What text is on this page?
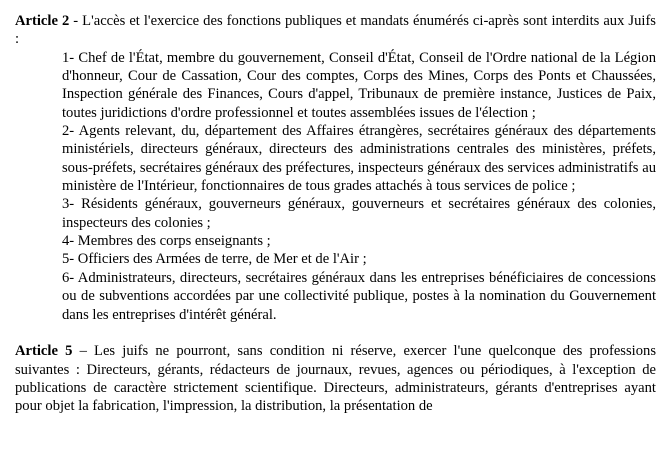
Article 2 - L'accès et l'exercice des fonctions publiques et mandats énumérés ci-après sont interdits aux Juifs :

1- Chef de l'État, membre du gouvernement, Conseil d'État, Conseil de l'Ordre national de la Légion d'honneur, Cour de Cassation, Cour des comptes, Corps des Mines, Corps des Ponts et Chaussées, Inspection générale des Finances, Cours d'appel, Tribunaux de première instance, Justices de Paix, toutes juridictions d'ordre professionnel et toutes assemblées issues de l'élection ;
2- Agents relevant, du, département des Affaires étrangères, secrétaires généraux des départements ministériels, directeurs généraux, directeurs des administrations centrales des ministères, préfets, sous-préfets, secrétaires généraux des préfectures, inspecteurs généraux des services administratifs au ministère de l'Intérieur, fonctionnaires de tous grades attachés à tous services de police ;
3- Résidents généraux, gouverneurs généraux, gouverneurs et secrétaires généraux des colonies, inspecteurs des colonies ;
4- Membres des corps enseignants ;
5- Officiers des Armées de terre, de Mer et de l'Air ;
6- Administrateurs, directeurs, secrétaires généraux dans les entreprises bénéficiaires de concessions ou de subventions accordées par une collectivité publique, postes à la nomination du Gouvernement dans les entreprises d'intérêt général.

Article 5 – Les juifs ne pourront, sans condition ni réserve, exercer l'une quelconque des professions suivantes : Directeurs, gérants, rédacteurs de journaux, revues, agences ou périodiques, à l'exception de publications de caractère strictement scientifique. Directeurs, administrateurs, gérants d'entreprises ayant pour objet la fabrication, l'impression, la distribution, la présentation de
